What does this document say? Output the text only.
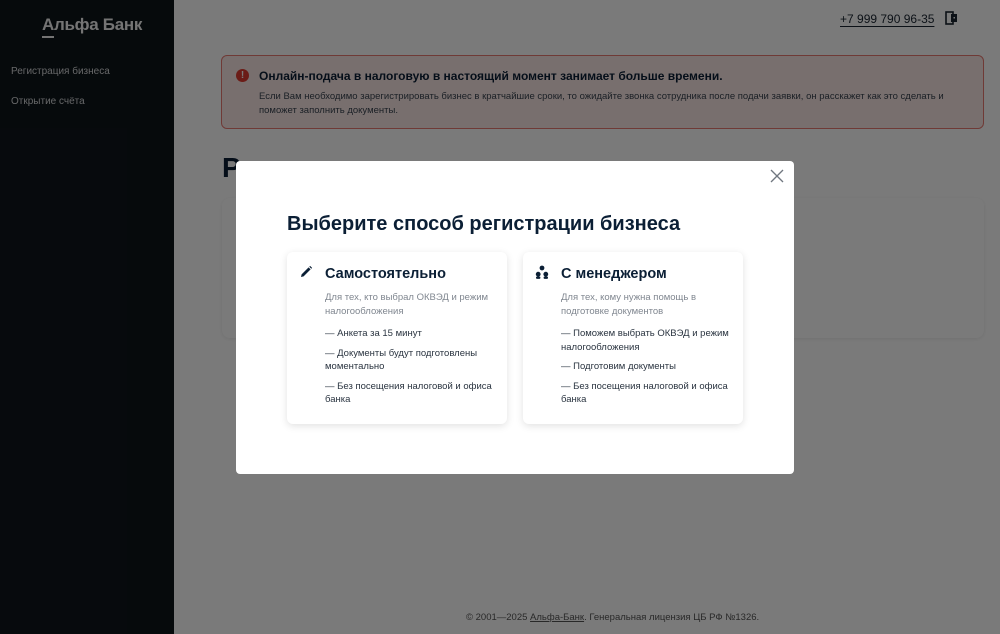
Выберите способ регистрации бизнеса
Самостоятельно
Для тех, кто выбрал ОКВЭД и режим налогообложения
— Анкета за 15 минут
— Документы будут подготовлены моментально
— Без посещения налоговой и офиса банка
С менеджером
Для тех, кому нужна помощь в подготовке документов
— Поможем выбрать ОКВЭД и режим налогообложения
— Подготовим документы
— Без посещения налоговой и офиса банка
